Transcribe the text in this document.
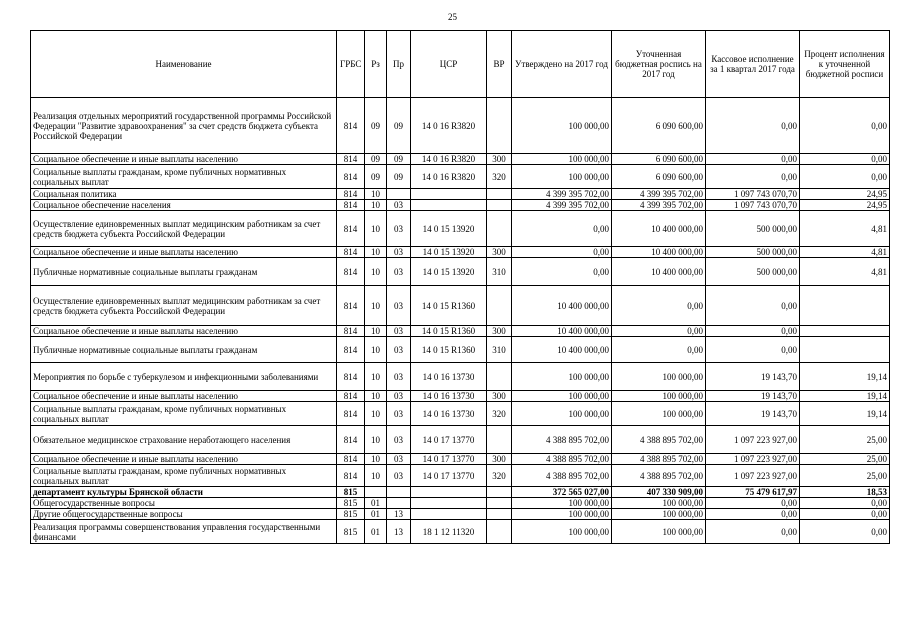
25
Наименование	ГРБС	Рз	Пр	ЦСР	ВР	Утверждено на 2017 год	Уточненная бюджетная роспись на 2017 год	Кассовое исполнение за 1 квартал 2017 года	Процент исполнения к уточненной бюджетной росписи
Реализация отдельных мероприятий государственной программы Российской Федерации "Развитие здравоохранения" за счет средств бюджета субъекта Российской Федерации	814	09	09	14 0 16 R3820		100 000,00	6 090 600,00	0,00	0,00
Социальное обеспечение и иные выплаты населению	814	09	09	14 0 16 R3820	300	100 000,00	6 090 600,00	0,00	0,00
Социальные выплаты гражданам, кроме публичных нормативных социальных выплат	814	09	09	14 0 16 R3820	320	100 000,00	6 090 600,00	0,00	0,00
Социальная политика	814	10				4 399 395 702,00	4 399 395 702,00	1 097 743 070,70	24,95
Социальное обеспечение населения	814	10	03			4 399 395 702,00	4 399 395 702,00	1 097 743 070,70	24,95
Осуществление единовременных выплат медицинским работникам за счет средств бюджета субъекта Российской Федерации	814	10	03	14 0 15 13920		0,00	10 400 000,00	500 000,00	4,81
Социальное обеспечение и иные выплаты населению	814	10	03	14 0 15 13920	300	0,00	10 400 000,00	500 000,00	4,81
Публичные нормативные социальные выплаты гражданам	814	10	03	14 0 15 13920	310	0,00	10 400 000,00	500 000,00	4,81
Осуществление единовременных выплат медицинским работникам за счет средств бюджета субъекта Российской Федерации	814	10	03	14 0 15 R1360		10 400 000,00	0,00	0,00	
Социальное обеспечение и иные выплаты населению	814	10	03	14 0 15 R1360	300	10 400 000,00	0,00	0,00	
Публичные нормативные социальные выплаты гражданам	814	10	03	14 0 15 R1360	310	10 400 000,00	0,00	0,00	
Мероприятия по борьбе с туберкулезом и инфекционными заболеваниями	814	10	03	14 0 16 13730		100 000,00	100 000,00	19 143,70	19,14
Социальное обеспечение и иные выплаты населению	814	10	03	14 0 16 13730	300	100 000,00	100 000,00	19 143,70	19,14
Социальные выплаты гражданам, кроме публичных нормативных социальных выплат	814	10	03	14 0 16 13730	320	100 000,00	100 000,00	19 143,70	19,14
Обязательное медицинское страхование неработающего населения	814	10	03	14 0 17 13770		4 388 895 702,00	4 388 895 702,00	1 097 223 927,00	25,00
Социальное обеспечение и иные выплаты населению	814	10	03	14 0 17 13770	300	4 388 895 702,00	4 388 895 702,00	1 097 223 927,00	25,00
Социальные выплаты гражданам, кроме публичных нормативных социальных выплат	814	10	03	14 0 17 13770	320	4 388 895 702,00	4 388 895 702,00	1 097 223 927,00	25,00
департамент культуры Брянской области	815					372 565 027,00	407 330 909,00	75 479 617,97	18,53
Общегосударственные вопросы	815	01				100 000,00	100 000,00	0,00	0,00
Другие общегосударственные вопросы	815	01	13			100 000,00	100 000,00	0,00	0,00
Реализация программы совершенствования управления государственными финансами	815	01	13	18 1 12 11320		100 000,00	100 000,00	0,00	0,00
